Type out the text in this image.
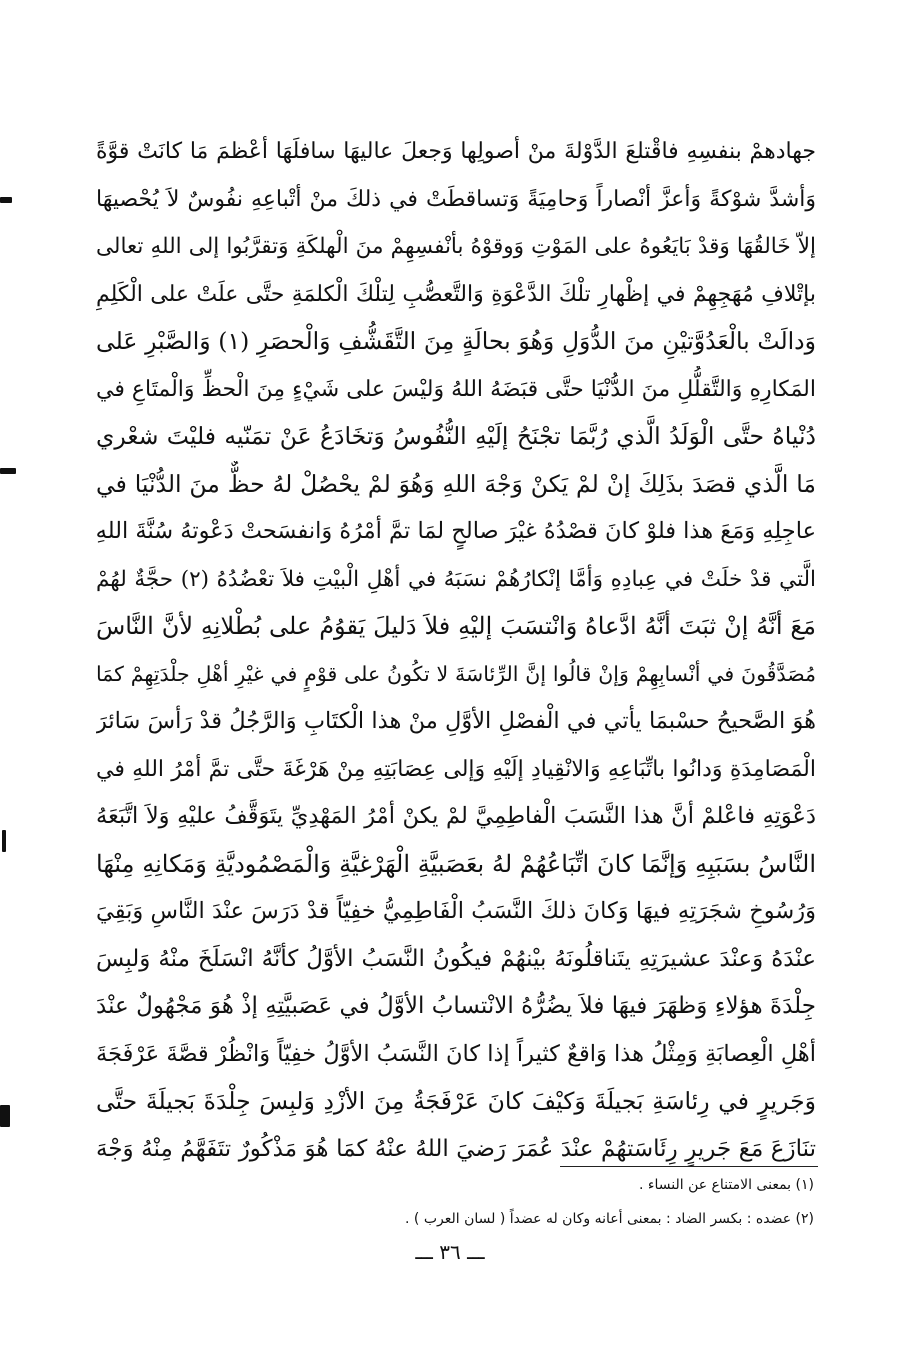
جهادهمْ بنفسِهِ فاقْتلعَ الدَّوْلةَ منْ أصولِها وَجعلَ عاليهَا سافلَهَا أعْظمَ مَا كانَتْ قوَّةً
وَأشدَّ شوْكةً وَأعزَّ أنْصاراً وَحامِيَةً وَتساقطَتْ في ذلكَ منْ أتْباعِهِ نفُوسٌ لاَ يُحْصيهَا
إلاّ خَالقُهَا وَقدْ بَايَعُوهُ على المَوْتِ وَوقوْهُ بأنْفسِهِمْ منَ الْهلكَةِ وَتقرَّبُوا إلى اللهِ تعالى
بإتْلافِ مُهَجِهِمْ في إظْهارِ تلْكَ الدَّعْوَةِ وَالتَّعصُّبِ لِتلْكَ الْكلمَةِ حتَّى علَتْ على الْكَلِمِ
وَدالَتْ بالْعَدُوَّتيْنِ منَ الدُّوَلِ وَهُوَ بحالَةٍ مِنَ التَّقَشُّفِ وَالْحصَرِ (١) وَالصَّبْرِ عَلى
المَكارِهِ وَالتَّقلُّلِ منَ الدُّنْيَا حتَّى قبَضَهُ اللهُ وَليْسَ على شَيْءٍ مِنَ الْحظِّ وَالْمتَاعِ في
دُنْياهُ حتَّى الْوَلَدُ الَّذي رُبَّمَا تجْنَحُ إلَيْهِ النُّفُوسُ وَتخَادَعُ عَنْ تمَنّيه فليْتَ شعْري
مَا الَّذي قصَدَ بذَلِكَ إنْ لمْ يَكنْ وَجْهَ اللهِ وَهُوَ لمْ يحْصُلْ لهُ حظٌّ منَ الدُّنْيَا في
عاجِلِهِ وَمَعَ هذا فلوْ كانَ قصْدُهُ غيْرَ صالحٍ لمَا تمَّ أمْرُهُ وَانفسَحتْ دَعْوتهُ سُنَّةَ اللهِ
الَّتي قدْ خلَتْ في عِبادِهِ وَأمَّا إنْكارُهُمْ نسَبَهُ في أهْلِ الْبيْتِ فلاَ تعْضُدُهُ (٢) حجَّةٌ لهُمْ
مَعَ أنَّهُ إنْ ثبَتَ أنَّهُ ادَّعاهُ وَانْتسَبَ إليْهِ فلاَ دَليلَ يَقوُمُ على بُطْلانِهِ لأنَّ النَّاسَ
مُصَدَّقُونَ في أنْسابِهِمْ وَإنْ قالُوا إنَّ الرِّئاسَةَ لا تكُونُ على قوْمٍ في غيْرِ أهْلِ جلْدَتِهِمْ كمَا
هُوَ الصَّحيحُ حسْبمَا يأتي في الْفصْلِ الأوَّلِ منْ هذا الْكتَابِ وَالرَّجُلُ قدْ رَأسَ سَائرَ
الْمَصَامِدَةِ وَدانُوا باتِّبَاعِهِ وَالانْقِيادِ إلَيْهِ وَإلى عِصَابَتِهِ مِنْ هَرْغَةَ حتَّى تمَّ أمْرُ اللهِ في
دَعْوَتِهِ فاعْلمْ أنَّ هذا النَّسَبَ الْفاطِمِيَّ لمْ يكنْ أمْرُ المَهْدِيِّ يتَوَقَّفُ عليْهِ وَلاَ اتَّبَعَهُ
النَّاسُ بسَبَبِهِ وَإنَّمَا كانَ اتِّبَاعُهُمْ لهُ بعَصَبيَّةِ الْهَرْغيَّةِ وَالْمَصْمُوديَّةِ وَمَكانِهِ مِنْهَا
وَرُسُوخِ شجَرَتِهِ فيهَا وَكانَ ذلكَ النَّسَبُ الْفَاطِمِيُّ خفِيّاً قدْ دَرَسَ عنْدَ النَّاسِ وَبَقِيَ
عنْدَهُ وَعنْدَ عشيرَتِهِ يتَناقلُونَهُ بيْنهُمْ فيكُونُ النَّسَبُ الأوَّلُ كأنَّهُ انْسَلَخَ منْهُ وَلبِسَ
جِلْدَةَ هؤلاءِ وَظهَرَ فيهَا فلاَ يضُرُّهُ الانْتسابُ الأوَّلُ في عَصَبيَّتِهِ إذْ هُوَ مَجْهُولٌ عنْدَ
أهْلِ الْعِصابَةِ وَمِثْلُ هذا وَاقعٌ كثيراً إذا كانَ النَّسَبُ الأوَّلُ خفِيّاً وَانْظُرْ قصَّةَ عَرْفَجَةَ
وَجَريرٍ في رِئاسَةِ بَجيلَةَ وَكيْفَ كانَ عَرْفَجَةُ مِنَ الأزْدِ وَلبِسَ جِلْدَةَ بَجيلَةَ حتَّى
تنَازَعَ مَعَ جَريرٍ رِئَاسَتهُمْ عنْدَ عُمَرَ رَضيَ اللهُ عنْهُ كمَا هُوَ مَذْكُورٌ تتَفَهَّمُ مِنْهُ وَجْهَ
(١) بمعنى الامتناع عن النساء .
(٢) عضده : بكسر الضاد : بمعنى أعانه وكان له عضداً ( لسان العرب ) .
ـــ ٣٦ ـــ
